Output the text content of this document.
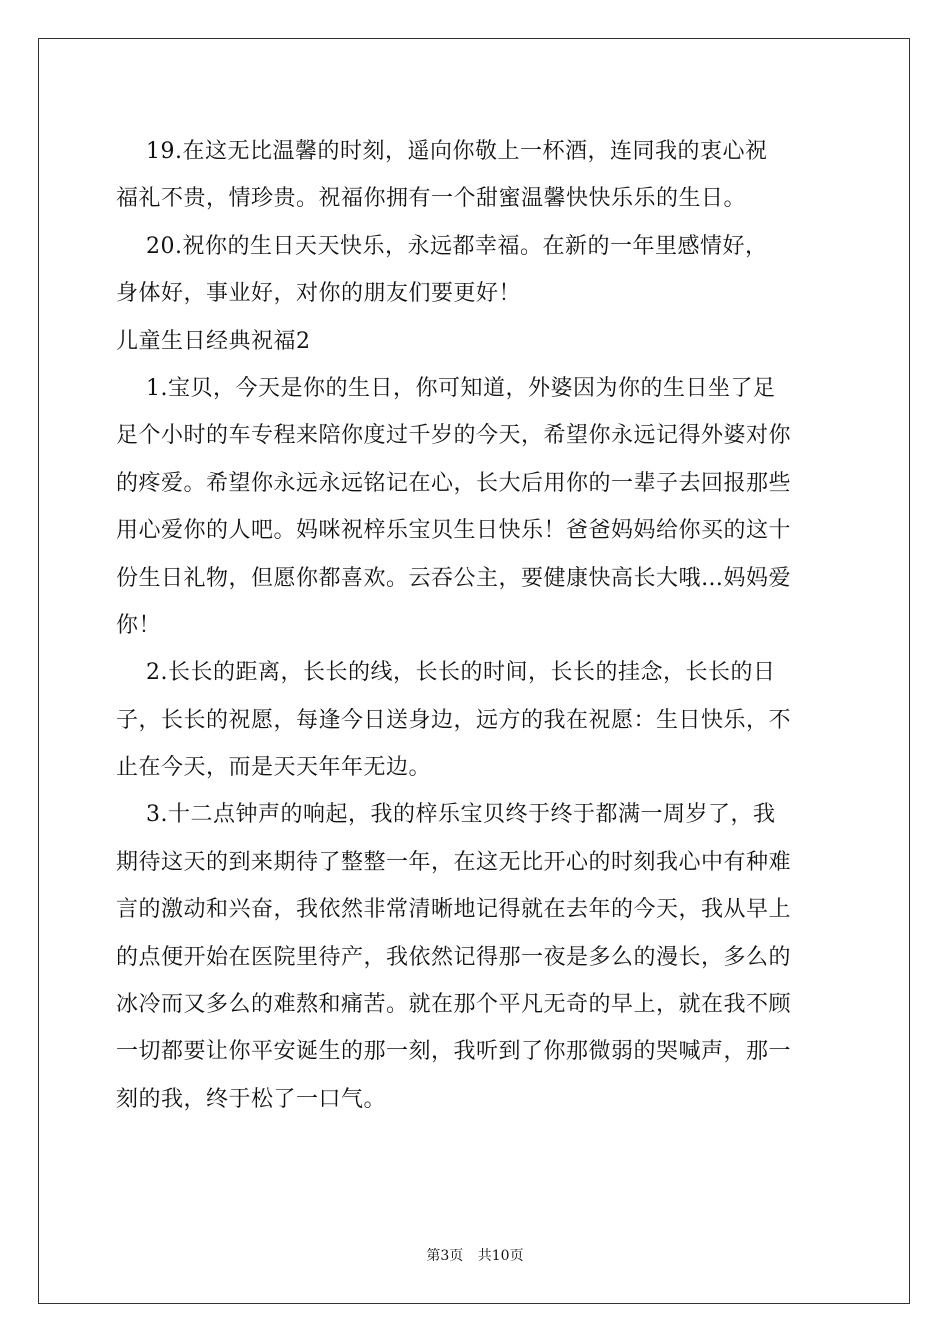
19.在这无比温馨的时刻，遥向你敬上一杯酒，连同我的衷心祝
福礼不贵，情珍贵。祝福你拥有一个甜蜜温馨快快乐乐的生日。
20.祝你的生日天天快乐，永远都幸福。在新的一年里感情好，
身体好，事业好，对你的朋友们要更好！
儿童生日经典祝福2
1.宝贝，今天是你的生日，你可知道，外婆因为你的生日坐了足
足个小时的车专程来陪你度过千岁的今天，希望你永远记得外婆对你
的疼爱。希望你永远永远铭记在心，长大后用你的一辈子去回报那些
用心爱你的人吧。妈咪祝梓乐宝贝生日快乐！爸爸妈妈给你买的这十
份生日礼物，但愿你都喜欢。云吞公主，要健康快高长大哦…妈妈爱
你！
2.长长的距离，长长的线，长长的时间，长长的挂念，长长的日
子，长长的祝愿，每逢今日送身边，远方的我在祝愿：生日快乐，不
止在今天，而是天天年年无边。
3.十二点钟声的响起，我的梓乐宝贝终于终于都满一周岁了，我
期待这天的到来期待了整整一年，在这无比开心的时刻我心中有种难
言的激动和兴奋，我依然非常清晰地记得就在去年的今天，我从早上
的点便开始在医院里待产，我依然记得那一夜是多么的漫长，多么的
冰冷而又多么的难熬和痛苦。就在那个平凡无奇的早上，就在我不顾
一切都要让你平安诞生的那一刻，我听到了你那微弱的哭喊声，那一
刻的我，终于松了一口气。
第3页 共10页
